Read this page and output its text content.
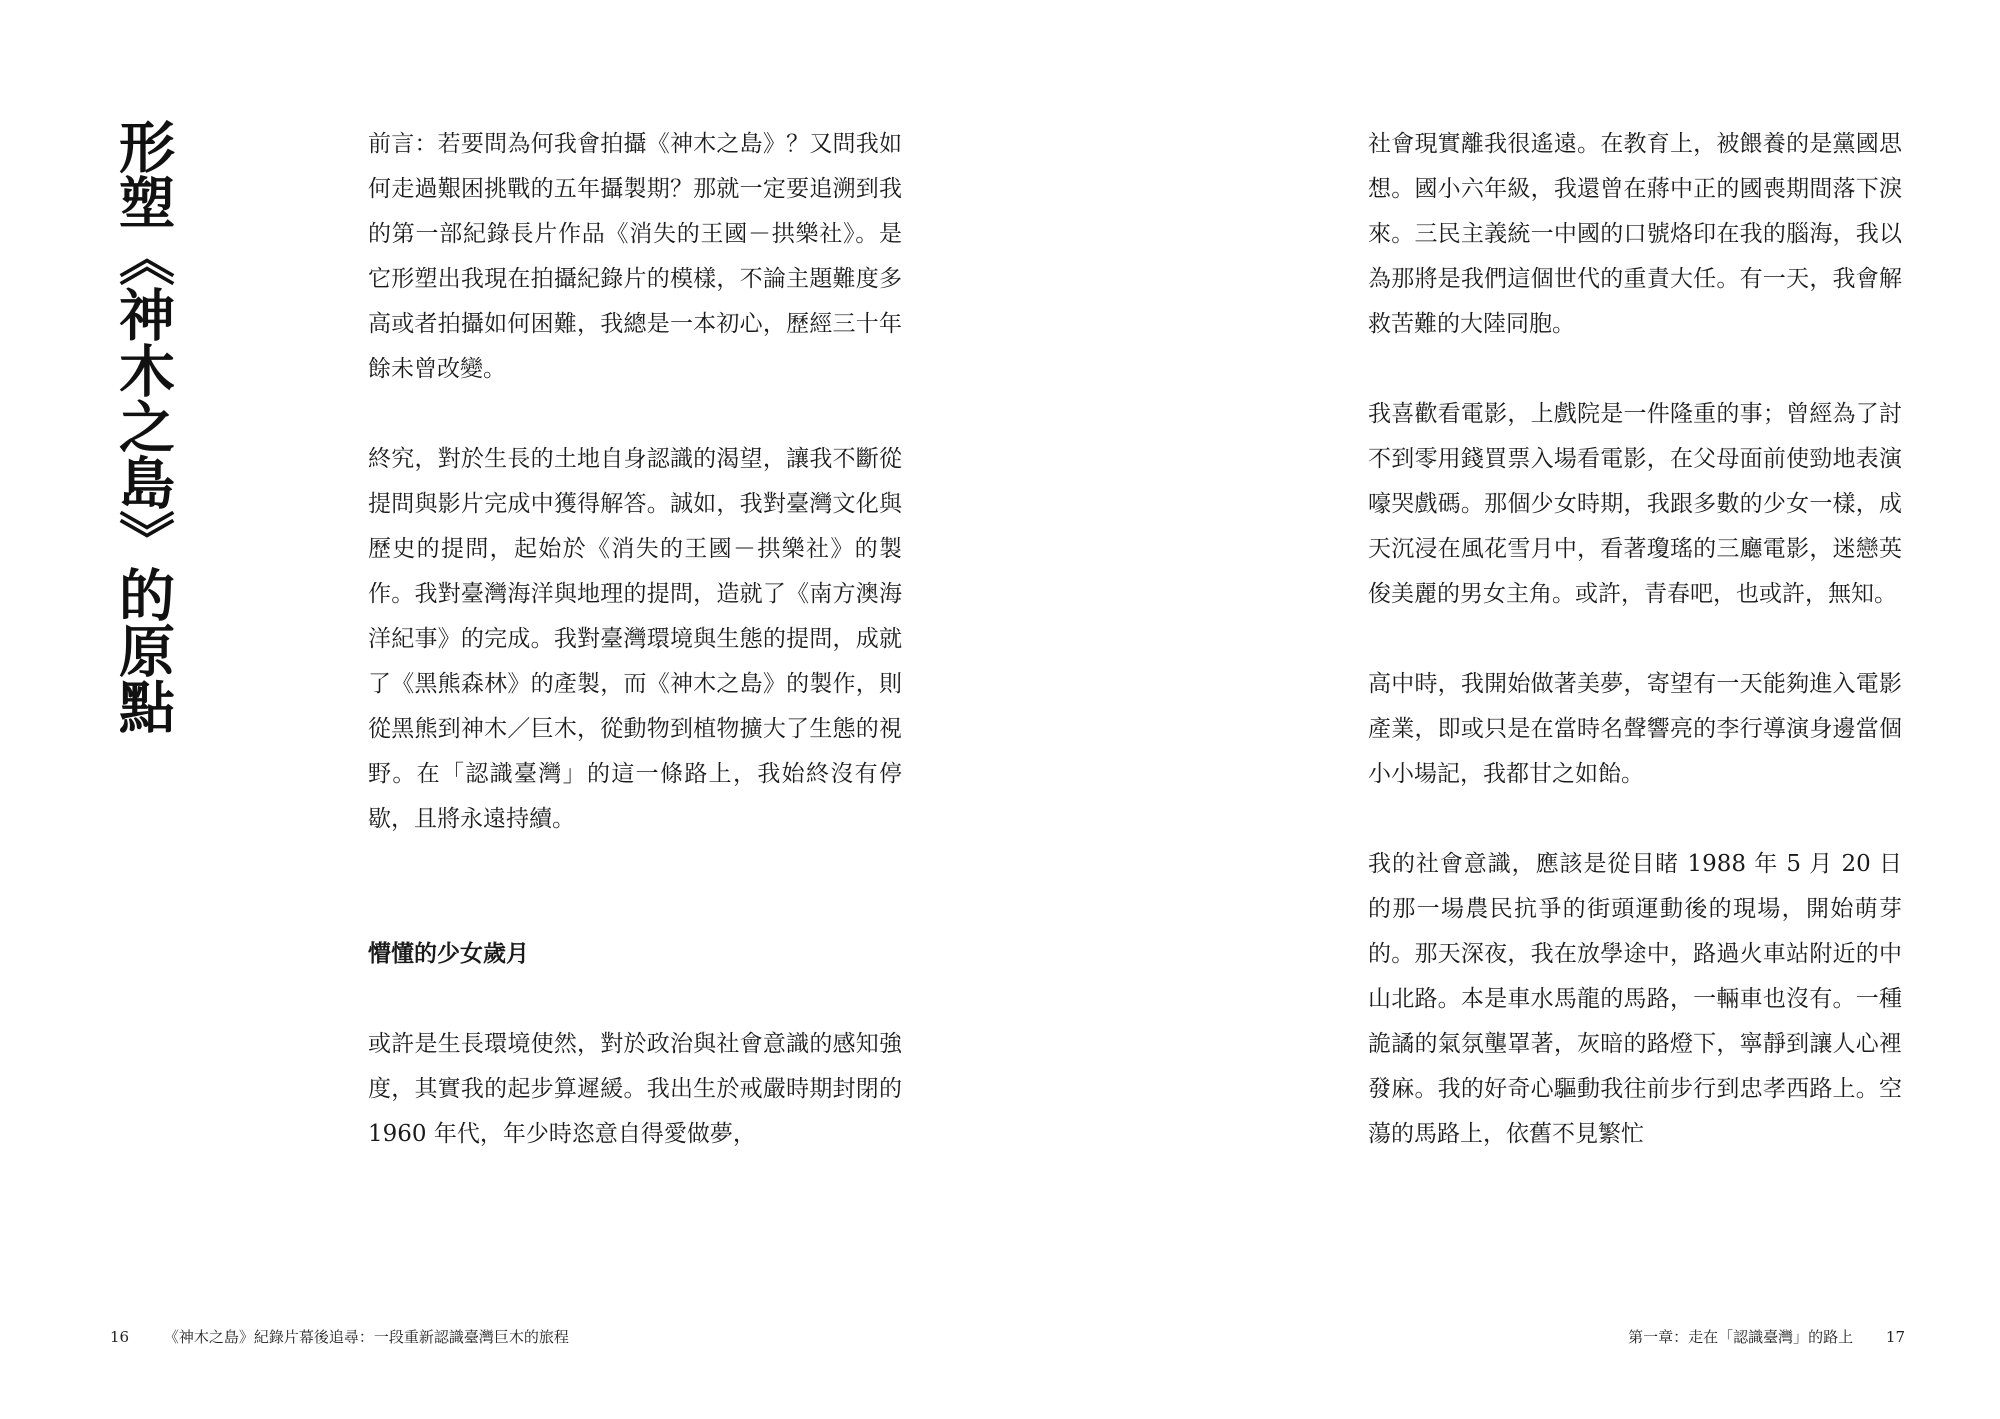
形塑《神木之島》的原點	前言：若要問為何我會拍攝《神木之島》？又問我如何走過艱困挑戰的五年攝製期？那就一定要追溯到我的第一部紀錄長片作品《消失的王國－拱樂社》。是它形塑出我現在拍攝紀錄片的模樣，不論主題難度多高或者拍攝如何困難，我總是一本初心，歷經三十年餘未曾改變。

終究，對於生長的土地自身認識的渴望，讓我不斷從提問與影片完成中獲得解答。誠如，我對臺灣文化與歷史的提問，起始於《消失的王國－拱樂社》的製作。我對臺灣海洋與地理的提問，造就了《南方澳海洋紀事》的完成。我對臺灣環境與生態的提問，成就了《黑熊森林》的產製，而《神木之島》的製作，則從黑熊到神木／巨木，從動物到植物擴大了生態的視野。在「認識臺灣」的這一條路上，我始終沒有停歇，且將永遠持續。

懵懂的少女歲月

或許是生長環境使然，對於政治與社會意識的感知強度，其實我的起步算遲緩。我出生於戒嚴時期封閉的 1960 年代，年少時恣意自得愛做夢，

16 《神木之島》紀錄片幕後追尋：一段重新認識臺灣巨木的旅程

社會現實離我很遙遠。在教育上，被餵養的是黨國思想。國小六年級，我還曾在蔣中正的國喪期間落下淚來。三民主義統一中國的口號烙印在我的腦海，我以為那將是我們這個世代的重責大任。有一天，我會解救苦難的大陸同胞。

我喜歡看電影，上戲院是一件隆重的事；曾經為了討不到零用錢買票入場看電影，在父母面前使勁地表演嚎哭戲碼。那個少女時期，我跟多數的少女一樣，成天沉浸在風花雪月中，看著瓊瑤的三廳電影，迷戀英俊美麗的男女主角。或許，青春吧，也或許，無知。

高中時，我開始做著美夢，寄望有一天能夠進入電影產業，即或只是在當時名聲響亮的李行導演身邊當個小小場記，我都甘之如飴。

我的社會意識，應該是從目睹 1988 年 5 月 20 日的那一場農民抗爭的街頭運動後的現場，開始萌芽的。那天深夜，我在放學途中，路過火車站附近的中山北路。本是車水馬龍的馬路，一輛車也沒有。一種詭譎的氣氛壟罩著，灰暗的路燈下，寧靜到讓人心裡發麻。我的好奇心驅動我往前步行到忠孝西路上。空蕩的馬路上，依舊不見繁忙

第一章：走在「認識臺灣」的路上 17
